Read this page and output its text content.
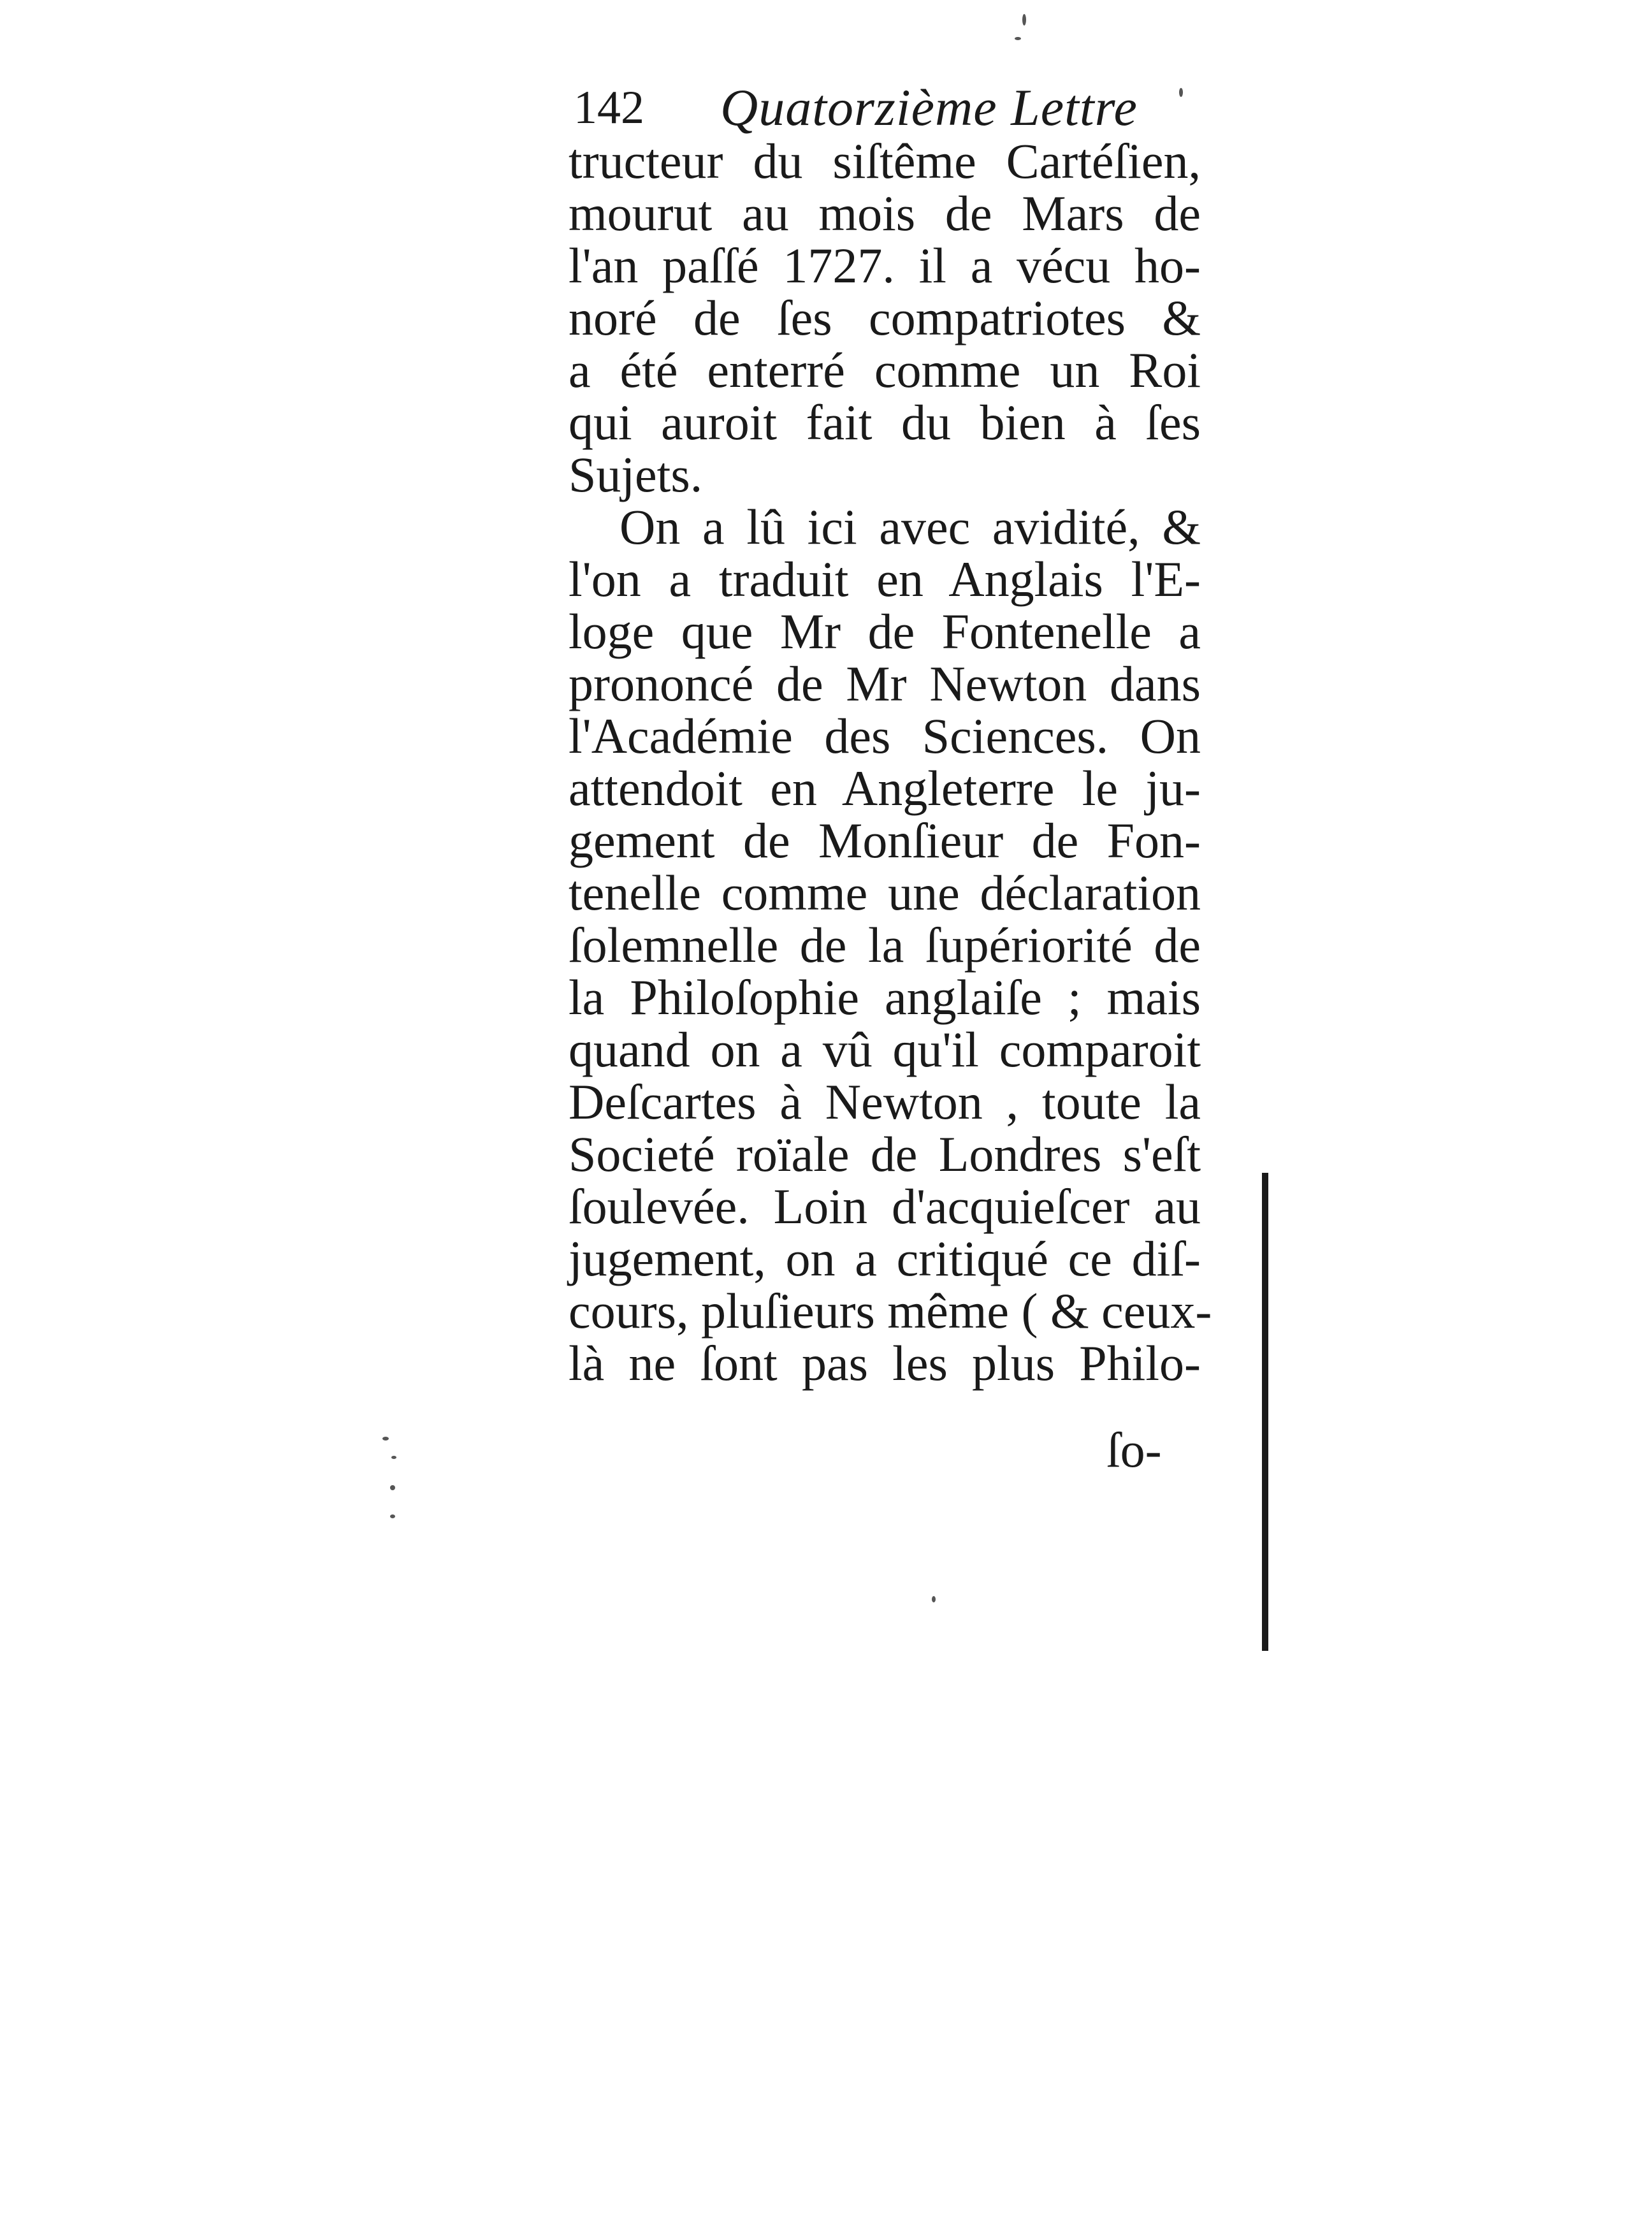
142 Quatorzième Lettre
tructeur du siſtême Cartéſien,
mourut au mois de Mars de
l'an paſſé 1727. il a vécu ho-
noré de ſes compatriotes &
a été enterré comme un Roi
qui auroit fait du bien à ſes
Sujets.
On a lû ici avec avidité, &
l'on a traduit en Anglais l'E-
loge que Mr de Fontenelle a
prononcé de Mr Newton dans
l'Académie des Sciences. On
attendoit en Angleterre le ju-
gement de Monſieur de Fon-
tenelle comme une déclaration
ſolemnelle de la ſupériorité de
la Philoſophie anglaiſe ; mais
quand on a vû qu'il comparoit
Deſcartes à Newton , toute la
Societé roïale de Londres s'eſt
ſoulevée. Loin d'acquieſcer au
jugement, on a critiqué ce diſ-
cours, pluſieurs même ( & ceux-
là ne ſont pas les plus Philo-
ſo-
